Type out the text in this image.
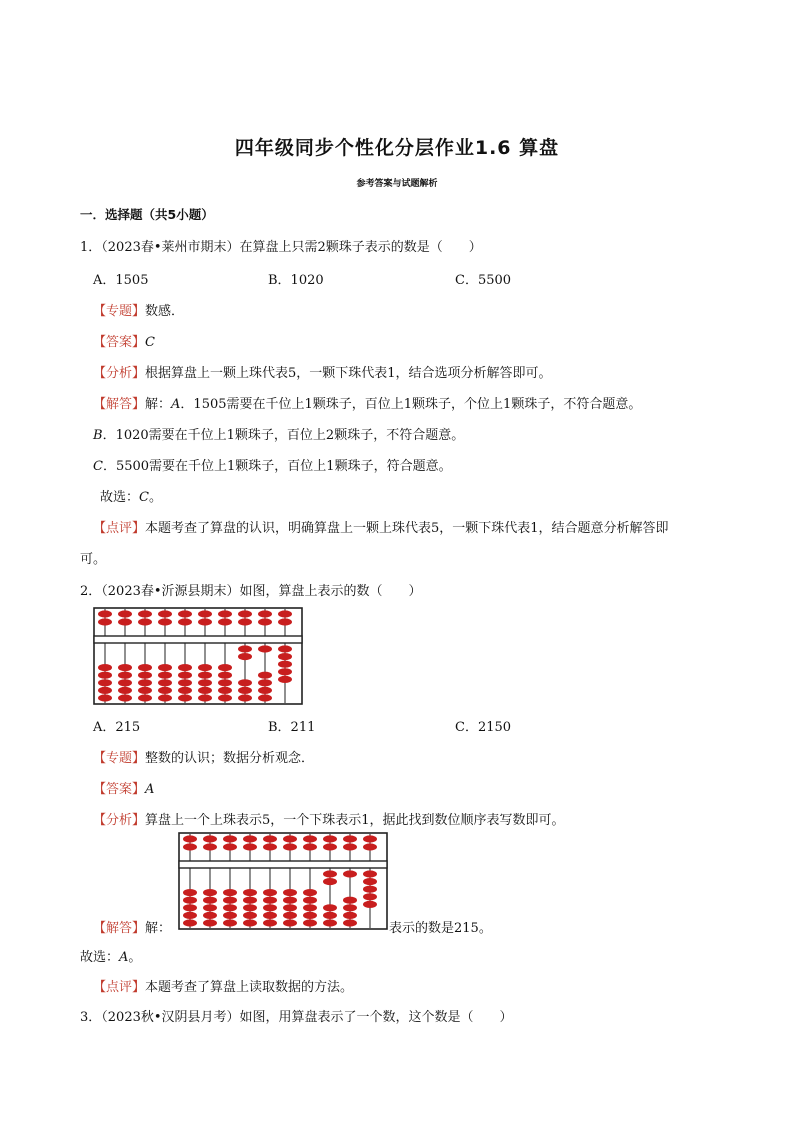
四年级同步个性化分层作业1.6 算盘
参考答案与试题解析
一．选择题（共5小题）
1．（2023春•莱州市期末）在算盘上只需2颗珠子表示的数是（　　）
A．1505	B．1020	C．5500
【专题】数感．
【答案】C
【分析】根据算盘上一颗上珠代表5，一颗下珠代表1，结合选项分析解答即可。
【解答】解：A．1505需要在千位上1颗珠子，百位上1颗珠子，个位上1颗珠子，不符合题意。
B．1020需要在千位上1颗珠子，百位上2颗珠子，不符合题意。
C．5500需要在千位上1颗珠子，百位上1颗珠子，符合题意。
故选：C。
【点评】本题考查了算盘的认识，明确算盘上一颗上珠代表5，一颗下珠代表1，结合题意分析解答即
可。
2．（2023春•沂源县期末）如图，算盘上表示的数（　　）
A．215	B．211	C．2150
【专题】整数的认识；数据分析观念．
【答案】A
【分析】算盘上一个上珠表示5，一个下珠表示1，据此找到数位顺序表写数即可。
【解答】解：	表示的数是215。
故选：A。
【点评】本题考查了算盘上读取数据的方法。
3．（2023秋•汉阴县月考）如图，用算盘表示了一个数，这个数是（　　）
